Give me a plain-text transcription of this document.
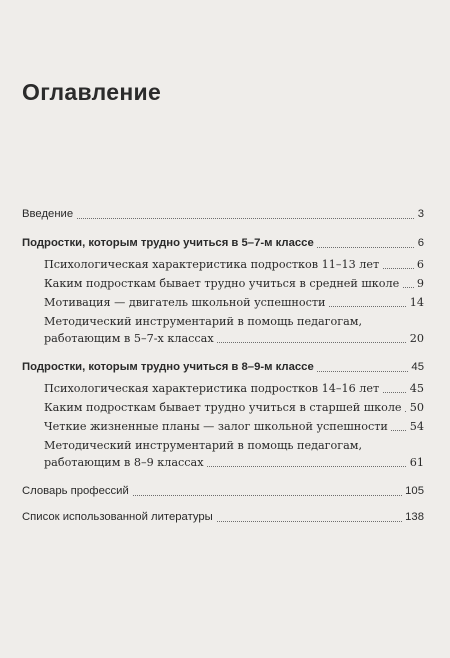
Оглавление
Введение	3
Подростки, которым трудно учиться в 5–7-м классе	6
Психологическая характеристика подростков 11–13 лет	6
Каким подросткам бывает трудно учиться в средней школе 9
Мотивация — двигатель школьной успешности	14
Методический инструментарий в помощь педагогам,
работающим в 5–7-х классах	20
Подростки, которым трудно учиться в 8–9-м классе	45
Психологическая характеристика подростков 14–16 лет	45
Каким подросткам бывает трудно учиться в старшей школе 50
Четкие жизненные планы — залог школьной успешности 54
Методический инструментарий в помощь педагогам,
работающим в 8–9 классах	61
Словарь профессий	105
Список использованной литературы	138
